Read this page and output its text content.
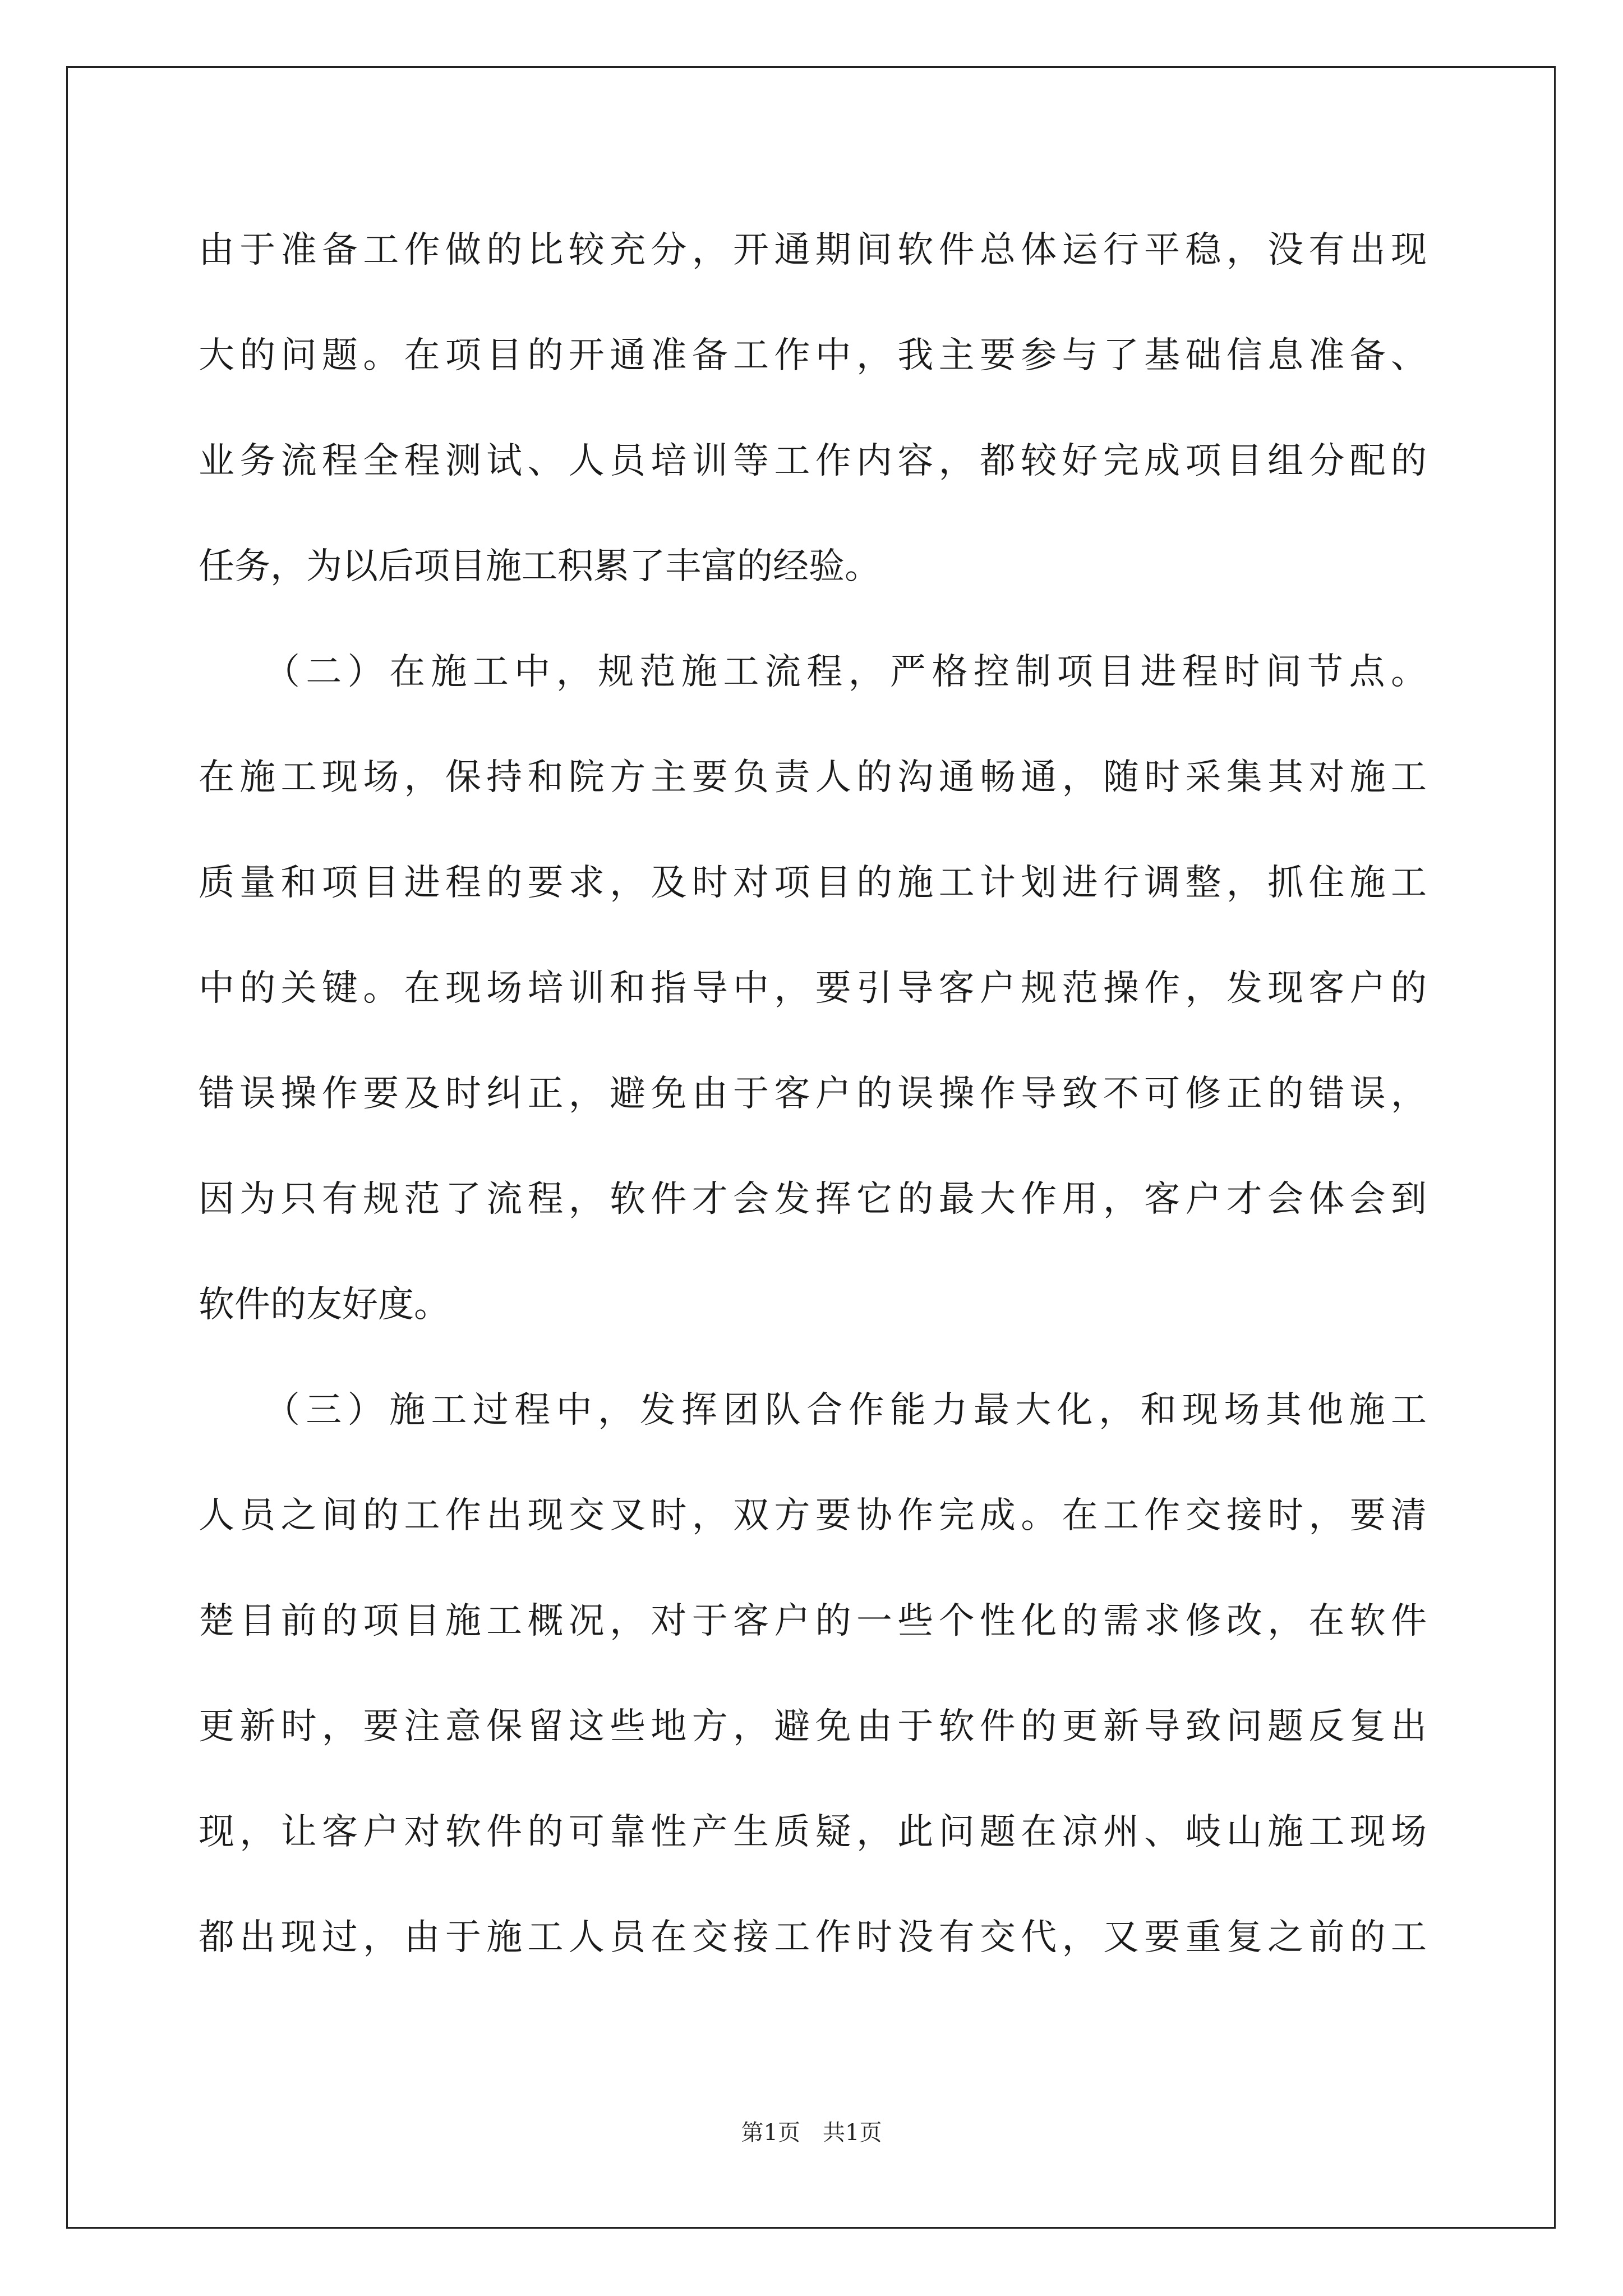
由于准备工作做的比较充分，开通期间软件总体运行平稳，没有出现
大的问题。在项目的开通准备工作中，我主要参与了基础信息准备、
业务流程全程测试、人员培训等工作内容，都较好完成项目组分配的
任务，为以后项目施工积累了丰富的经验。
　　（二）在施工中，规范施工流程，严格控制项目进程时间节点。
在施工现场，保持和院方主要负责人的沟通畅通，随时采集其对施工
质量和项目进程的要求，及时对项目的施工计划进行调整，抓住施工
中的关键。在现场培训和指导中，要引导客户规范操作，发现客户的
错误操作要及时纠正，避免由于客户的误操作导致不可修正的错误，
因为只有规范了流程，软件才会发挥它的最大作用，客户才会体会到
软件的友好度。
　　（三）施工过程中，发挥团队合作能力最大化，和现场其他施工
人员之间的工作出现交叉时，双方要协作完成。在工作交接时，要清
楚目前的项目施工概况，对于客户的一些个性化的需求修改，在软件
更新时，要注意保留这些地方，避免由于软件的更新导致问题反复出
现，让客户对软件的可靠性产生质疑，此问题在凉州、岐山施工现场
都出现过，由于施工人员在交接工作时没有交代，又要重复之前的工
第1页　共1页
